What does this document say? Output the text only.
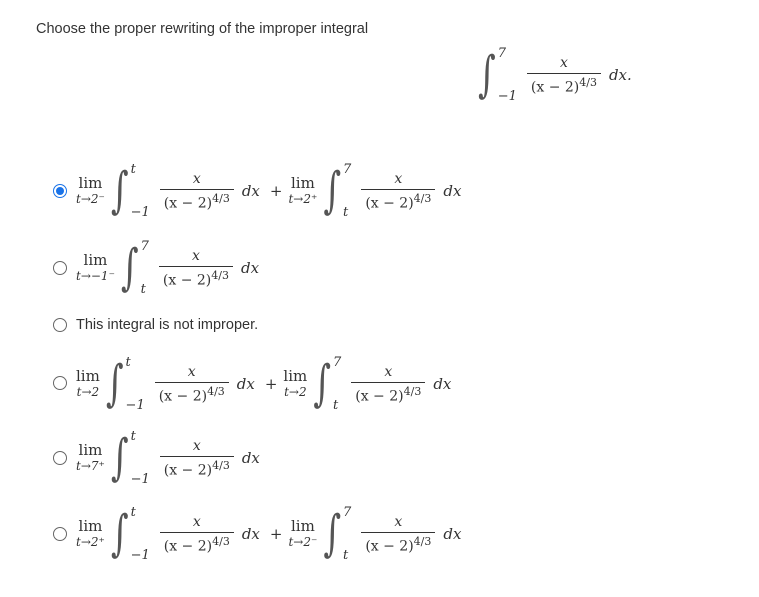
Choose the proper rewriting of the improper integral
∫ 7
−1
$\frac{x}{(x - 2)^{4/3}}$ dx.
lim
t→2⁻ ∫ t
−1
$\frac{x}{(x - 2)^{4/3}}$ dx + lim
t→2⁺ ∫ 7
t
$\frac{x}{(x - 2)^{4/3}}$ dx
lim
t→−1⁻ ∫ 7
t
$\frac{x}{(x - 2)^{4/3}}$ dx
This integral is not improper.
lim
t→2 ∫ t
−1
$\frac{x}{(x - 2)^{4/3}}$ dx + lim
t→2 ∫ 7
t
$\frac{x}{(x - 2)^{4/3}}$ dx
lim
t→7⁺ ∫ t
−1
$\frac{x}{(x - 2)^{4/3}}$ dx
lim
t→2⁺ ∫ t
−1
$\frac{x}{(x - 2)^{4/3}}$ dx + lim
t→2⁻ ∫ 7
t
$\frac{x}{(x - 2)^{4/3}}$ dx
